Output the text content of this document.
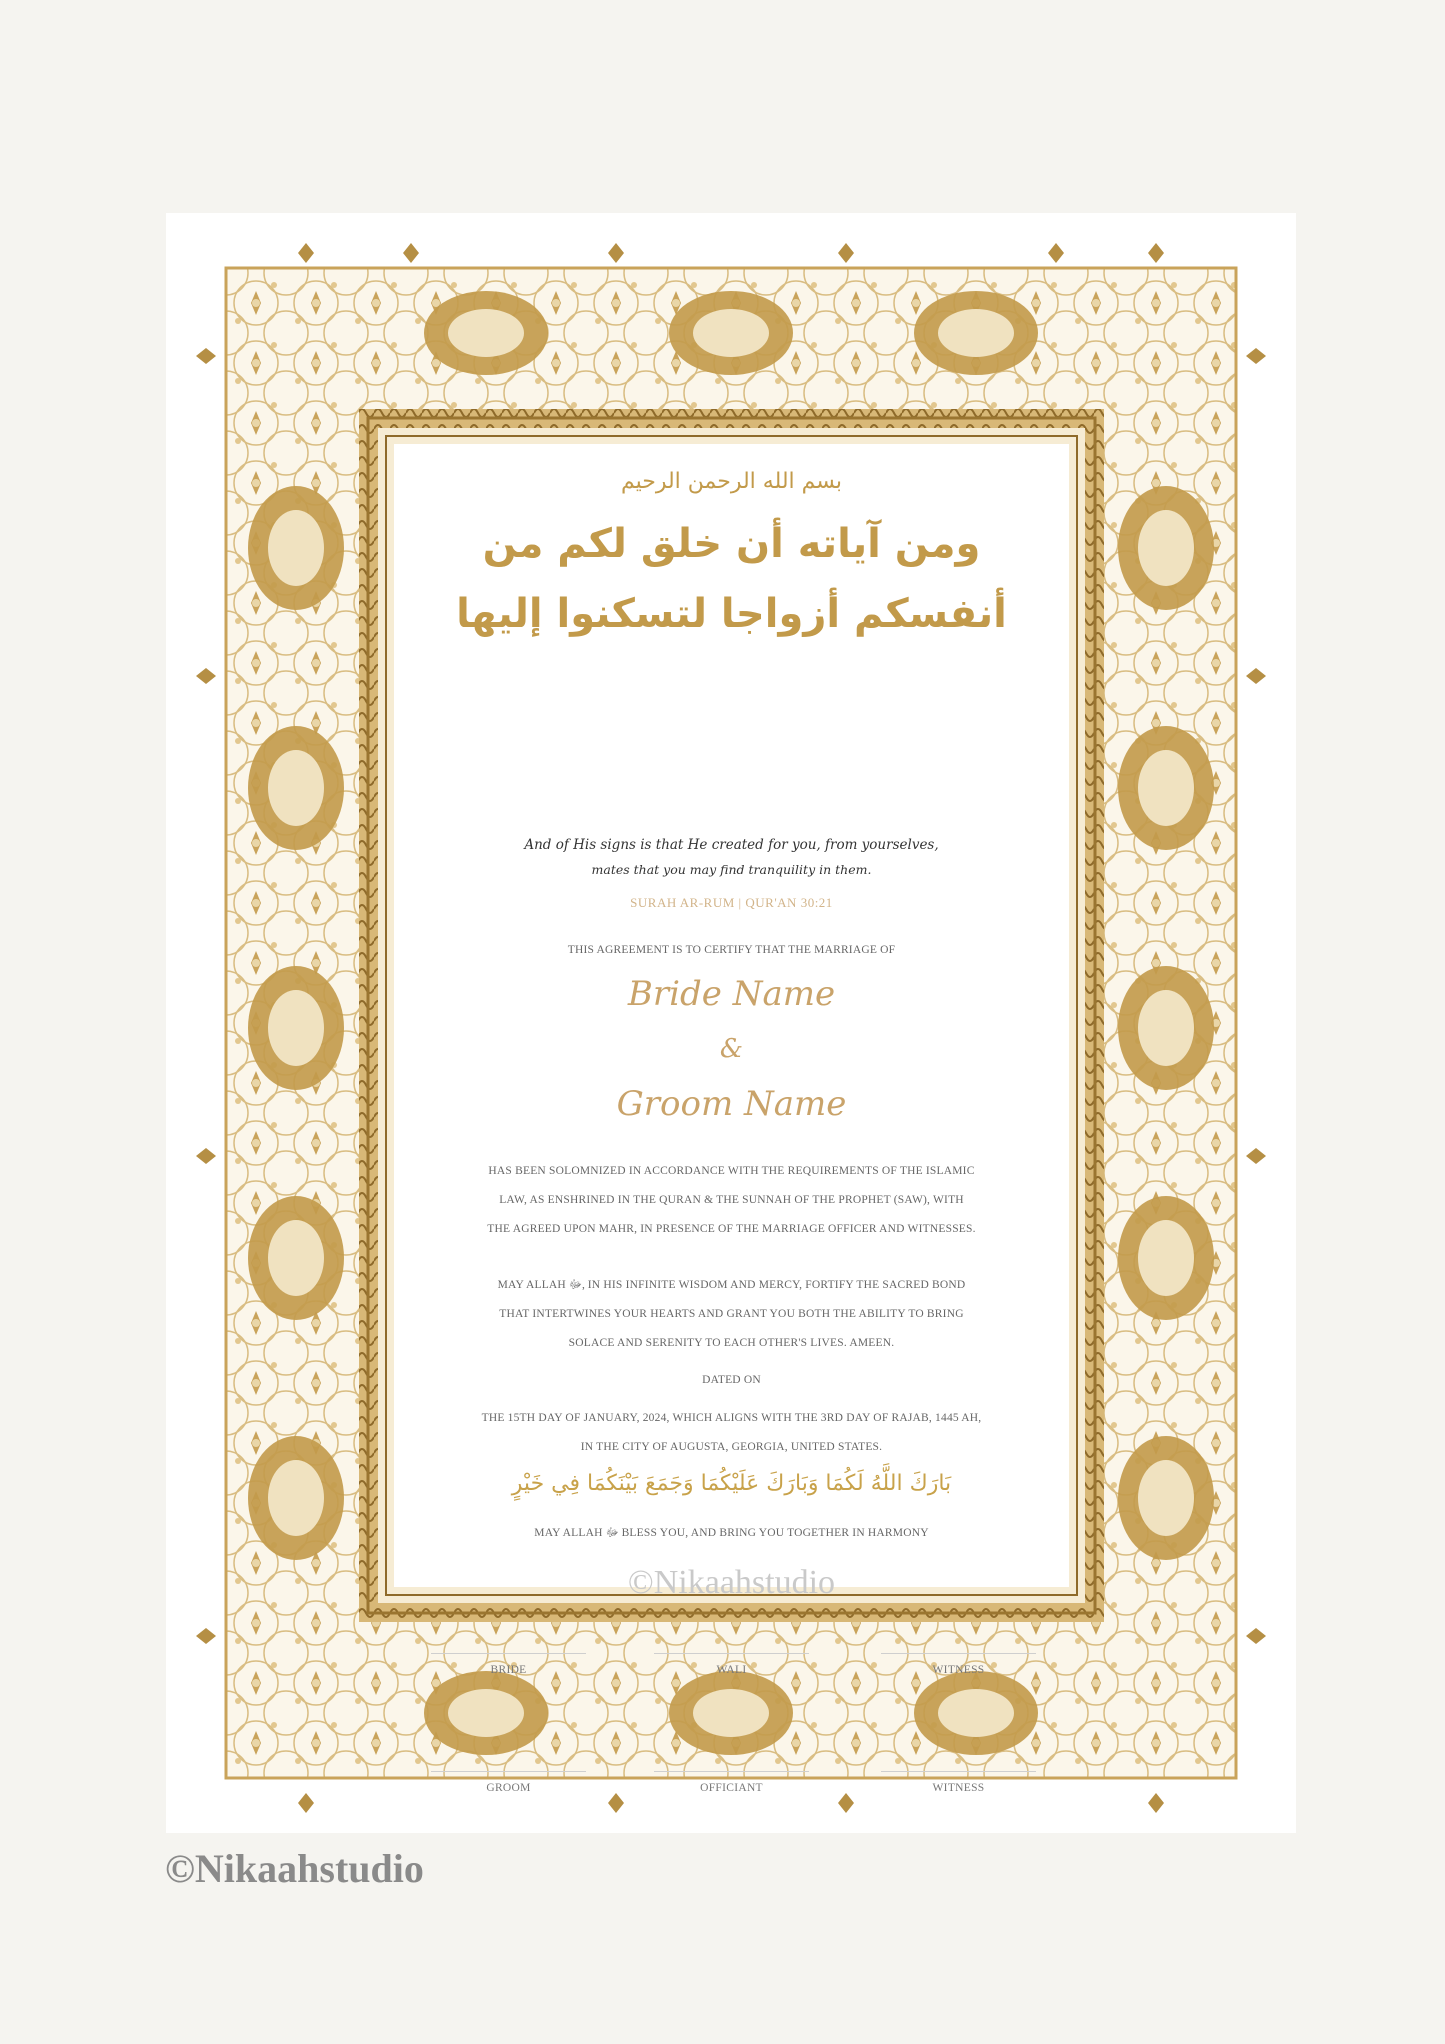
بسم الله الرحمن الرحيم
ومن آياته أن خلق لكم من أنفسكم أزواجا لتسكنوا إليها
And of His signs is that He created for you, from yourselves,
mates that you may find tranquility in them.
SURAH AR-RUM | QUR'AN 30:21
THIS AGREEMENT IS TO CERTIFY THAT THE MARRIAGE OF
Bride Name
&
Groom Name
HAS BEEN SOLOMNIZED IN ACCORDANCE WITH THE REQUIREMENTS OF THE ISLAMIC
LAW, AS ENSHRINED IN THE QURAN & THE SUNNAH OF THE PROPHET (SAW), WITH
THE AGREED UPON MAHR, IN PRESENCE OF THE MARRIAGE OFFICER AND WITNESSES.
MAY ALLAH ﷻ, IN HIS INFINITE WISDOM AND MERCY, FORTIFY THE SACRED BOND
THAT INTERTWINES YOUR HEARTS AND GRANT YOU BOTH THE ABILITY TO BRING
SOLACE AND SERENITY TO EACH OTHER'S LIVES. AMEEN.
DATED ON
THE 15TH DAY OF JANUARY, 2024, WHICH ALIGNS WITH THE 3RD DAY OF RAJAB, 1445 AH,
IN THE CITY OF AUGUSTA, GEORGIA, UNITED STATES.
بَارَكَ اللَّهُ لَكُمَا وَبَارَكَ عَلَيْكُمَا وَجَمَعَ بَيْنَكُمَا فِي خَيْرٍ
MAY ALLAH ﷻ BLESS YOU, AND BRING YOU TOGETHER IN HARMONY
©Nikaahstudio
BRIDE	WALI	WITNESS
GROOM	OFFICIANT	WITNESS
©Nikaahstudio
